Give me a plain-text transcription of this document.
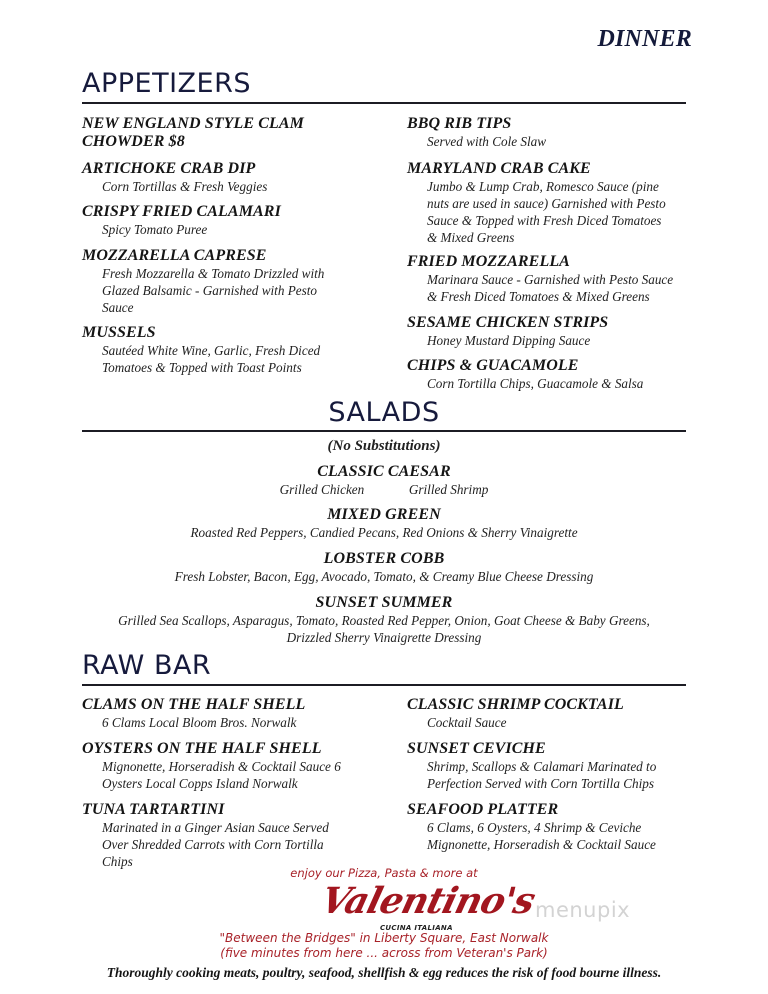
DINNER
APPETIZERS
NEW ENGLAND STYLE CLAM
CHOWDER $8
ARTICHOKE CRAB DIP
Corn Tortillas & Fresh Veggies
CRISPY FRIED CALAMARI
Spicy Tomato Puree
MOZZARELLA CAPRESE
Fresh Mozzarella & Tomato Drizzled with
Glazed Balsamic - Garnished with Pesto
Sauce
MUSSELS
Sautéed White Wine, Garlic, Fresh Diced
Tomatoes & Topped with Toast Points
BBQ RIB TIPS
Served with Cole Slaw
MARYLAND CRAB CAKE
Jumbo & Lump Crab, Romesco Sauce (pine
nuts are used in sauce) Garnished with Pesto
Sauce & Topped with Fresh Diced Tomatoes
& Mixed Greens
FRIED MOZZARELLA
Marinara Sauce - Garnished with Pesto Sauce
& Fresh Diced Tomatoes & Mixed Greens
SESAME CHICKEN STRIPS
Honey Mustard Dipping Sauce
CHIPS & GUACAMOLE
Corn Tortilla Chips, Guacamole & Salsa
SALADS
(No Substitutions)
CLASSIC CAESAR
Grilled Chicken	Grilled Shrimp
MIXED GREEN
Roasted Red Peppers, Candied Pecans, Red Onions & Sherry Vinaigrette
LOBSTER COBB
Fresh Lobster, Bacon, Egg, Avocado, Tomato, & Creamy Blue Cheese Dressing
SUNSET SUMMER
Grilled Sea Scallops, Asparagus, Tomato, Roasted Red Pepper, Onion, Goat Cheese & Baby Greens,
Drizzled Sherry Vinaigrette Dressing
RAW BAR
CLAMS ON THE HALF SHELL
6 Clams Local Bloom Bros. Norwalk
OYSTERS ON THE HALF SHELL
Mignonette, Horseradish & Cocktail Sauce 6
Oysters Local Copps Island Norwalk
TUNA TARTARTINI
Marinated in a Ginger Asian Sauce Served
Over Shredded Carrots with Corn Tortilla
Chips
CLASSIC SHRIMP COCKTAIL
Cocktail Sauce
SUNSET CEVICHE
Shrimp, Scallops & Calamari Marinated to
Perfection Served with Corn Tortilla Chips
SEAFOOD PLATTER
6 Clams, 6 Oysters, 4 Shrimp & Ceviche
Mignonette, Horseradish & Cocktail Sauce
enjoy our Pizza, Pasta & more at
Valentino's
CUCINA ITALIANA
"Between the Bridges" in Liberty Square, East Norwalk
(five minutes from here ... across from Veteran's Park)
menupix
Thoroughly cooking meats, poultry, seafood, shellfish & egg reduces the risk of food bourne illness.
